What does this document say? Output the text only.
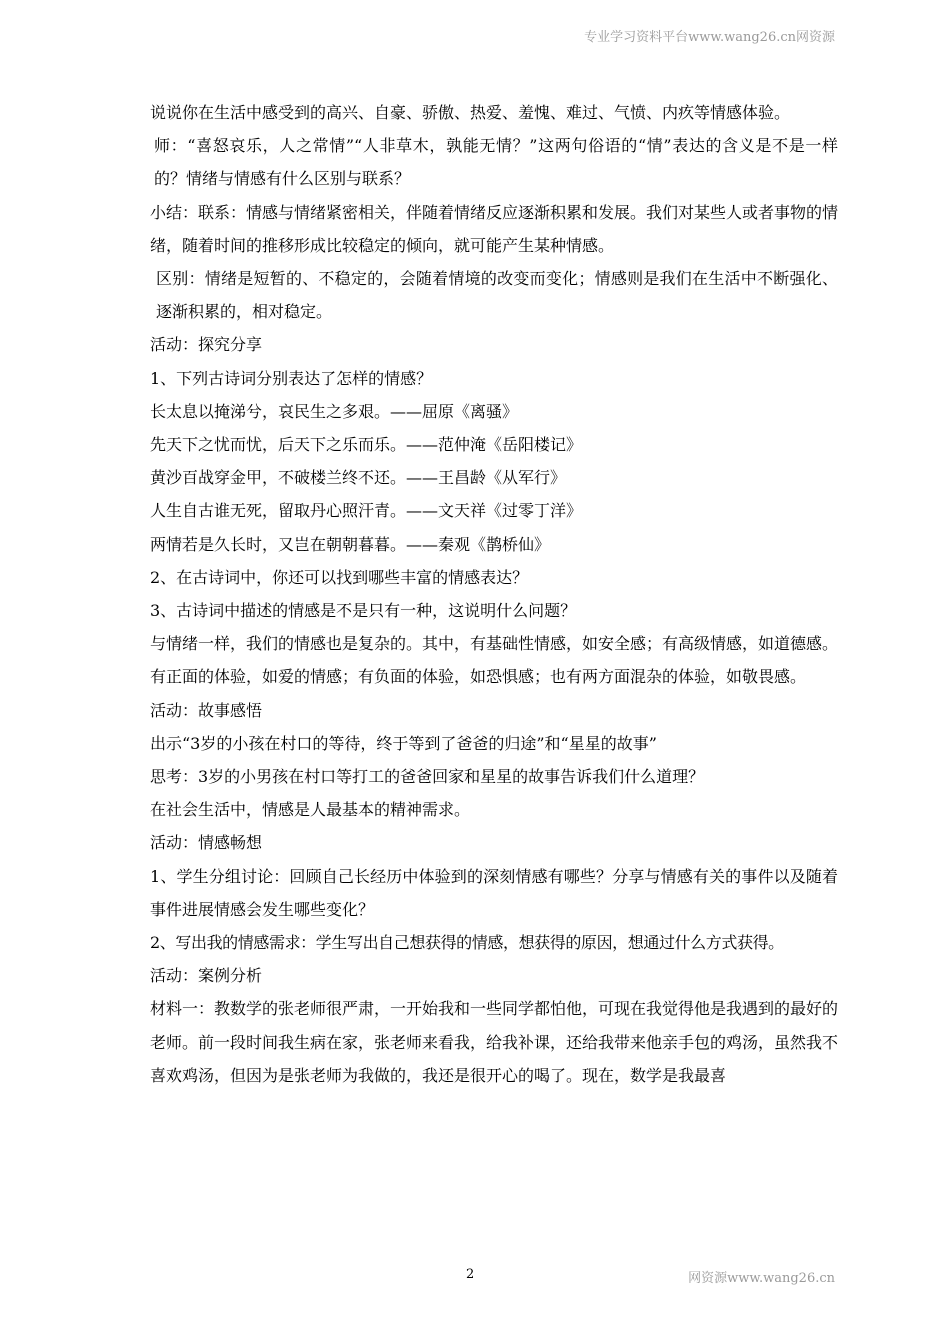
专业学习资料平台www.wang26.cn网资源

说说你在生活中感受到的高兴、自豪、骄傲、热爱、羞愧、难过、气愤、内疚等情感体验。

师：“喜怒哀乐，人之常情”“人非草木，孰能无情？”这两句俗语的“情”表达的含义是不是一样的？情绪与情感有什么区别与联系？

小结：联系：情感与情绪紧密相关，伴随着情绪反应逐渐积累和发展。我们对某些人或者事物的情绪，随着时间的推移形成比较稳定的倾向，就可能产生某种情感。

区别：情绪是短暂的、不稳定的，会随着情境的改变而变化；情感则是我们在生活中不断强化、逐渐积累的，相对稳定。

活动：探究分享

1、下列古诗词分别表达了怎样的情感？

长太息以掩涕兮，哀民生之多艰。——屈原《离骚》

先天下之忧而忧，后天下之乐而乐。——范仲淹《岳阳楼记》

黄沙百战穿金甲，不破楼兰终不还。——王昌龄《从军行》

人生自古谁无死，留取丹心照汗青。——文天祥《过零丁洋》

两情若是久长时，又岂在朝朝暮暮。——秦观《鹊桥仙》

2、在古诗词中，你还可以找到哪些丰富的情感表达？

3、古诗词中描述的情感是不是只有一种，这说明什么问题？

与情绪一样，我们的情感也是复杂的。其中，有基础性情感，如安全感；有高级情感，如道德感。有正面的体验，如爱的情感；有负面的体验，如恐惧感；也有两方面混杂的体验，如敬畏感。

活动：故事感悟

出示“3岁的小孩在村口的等待，终于等到了爸爸的归途”和“星星的故事”

思考：3岁的小男孩在村口等打工的爸爸回家和星星的故事告诉我们什么道理？

在社会生活中，情感是人最基本的精神需求。

活动：情感畅想

1、学生分组讨论：回顾自己长经历中体验到的深刻情感有哪些？分享与情感有关的事件以及随着事件进展情感会发生哪些变化？

2、写出我的情感需求：学生写出自己想获得的情感，想获得的原因，想通过什么方式获得。

活动：案例分析

材料一：教数学的张老师很严肃，一开始我和一些同学都怕他，可现在我觉得他是我遇到的最好的老师。前一段时间我生病在家，张老师来看我，给我补课，还给我带来他亲手包的鸡汤，虽然我不喜欢鸡汤，但因为是张老师为我做的，我还是很开心的喝了。现在，数学是我最喜

2	网资源www.wang26.cn
